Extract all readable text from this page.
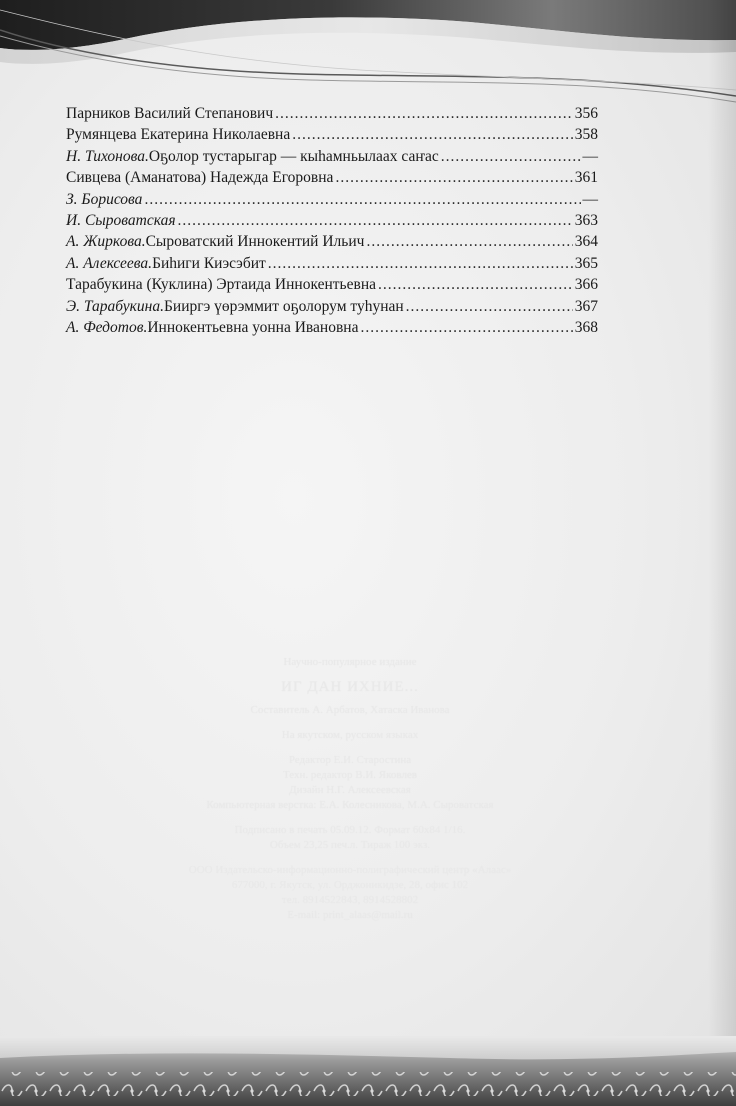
Парников Василий Степанович .....	356
Румянцева Екатерина Николаевна .....	358
Н. Тихонова. Оҕолор тустарыгар — кыһамньылаах саҥас .....	—
Сивцева (Аманатова) Надежда Егоровна .....	361
З. Борисова .....	—
И. Сыроватская .....	363
А. Жиркова. Сыроватский Иннокентий Ильич .....	364
А. Алексеева. Биһиги Киэсэбит .....	365
Тарабукина (Куклина) Эртаида Иннокентьевна .....	366
Э. Тарабукина. Бииргэ үөрэммит оҕолорум туһунан .....	367
А. Федотов. Иннокентьевна уонна Ивановна .....	368
Научно-популярное издание
ИГ ДАН ИХНИЕ...
Составитель А. Арбатов, Хатаска Иванова
На якутском, русском языках
Редактор Е.И. Старостина
Техн. редактор В.И. Яковлев
Дизайн Н.Г. Алексеевская
Компьютерная верстка: Е.А. Колесникова, М.А. Сыроватская
Подписано в печать 05.09.12. Формат 60x84 1/16.
Объем 23,25 печ.л. Тираж 100 экз.
ООО Издательско-информационно-полиграфический центр «Алаас»
677000, г. Якутск, ул. Орджоникидзе, 28, офис 102
тел. 8914522843, 8914528802
E-mail: print_alaas@mail.ru
